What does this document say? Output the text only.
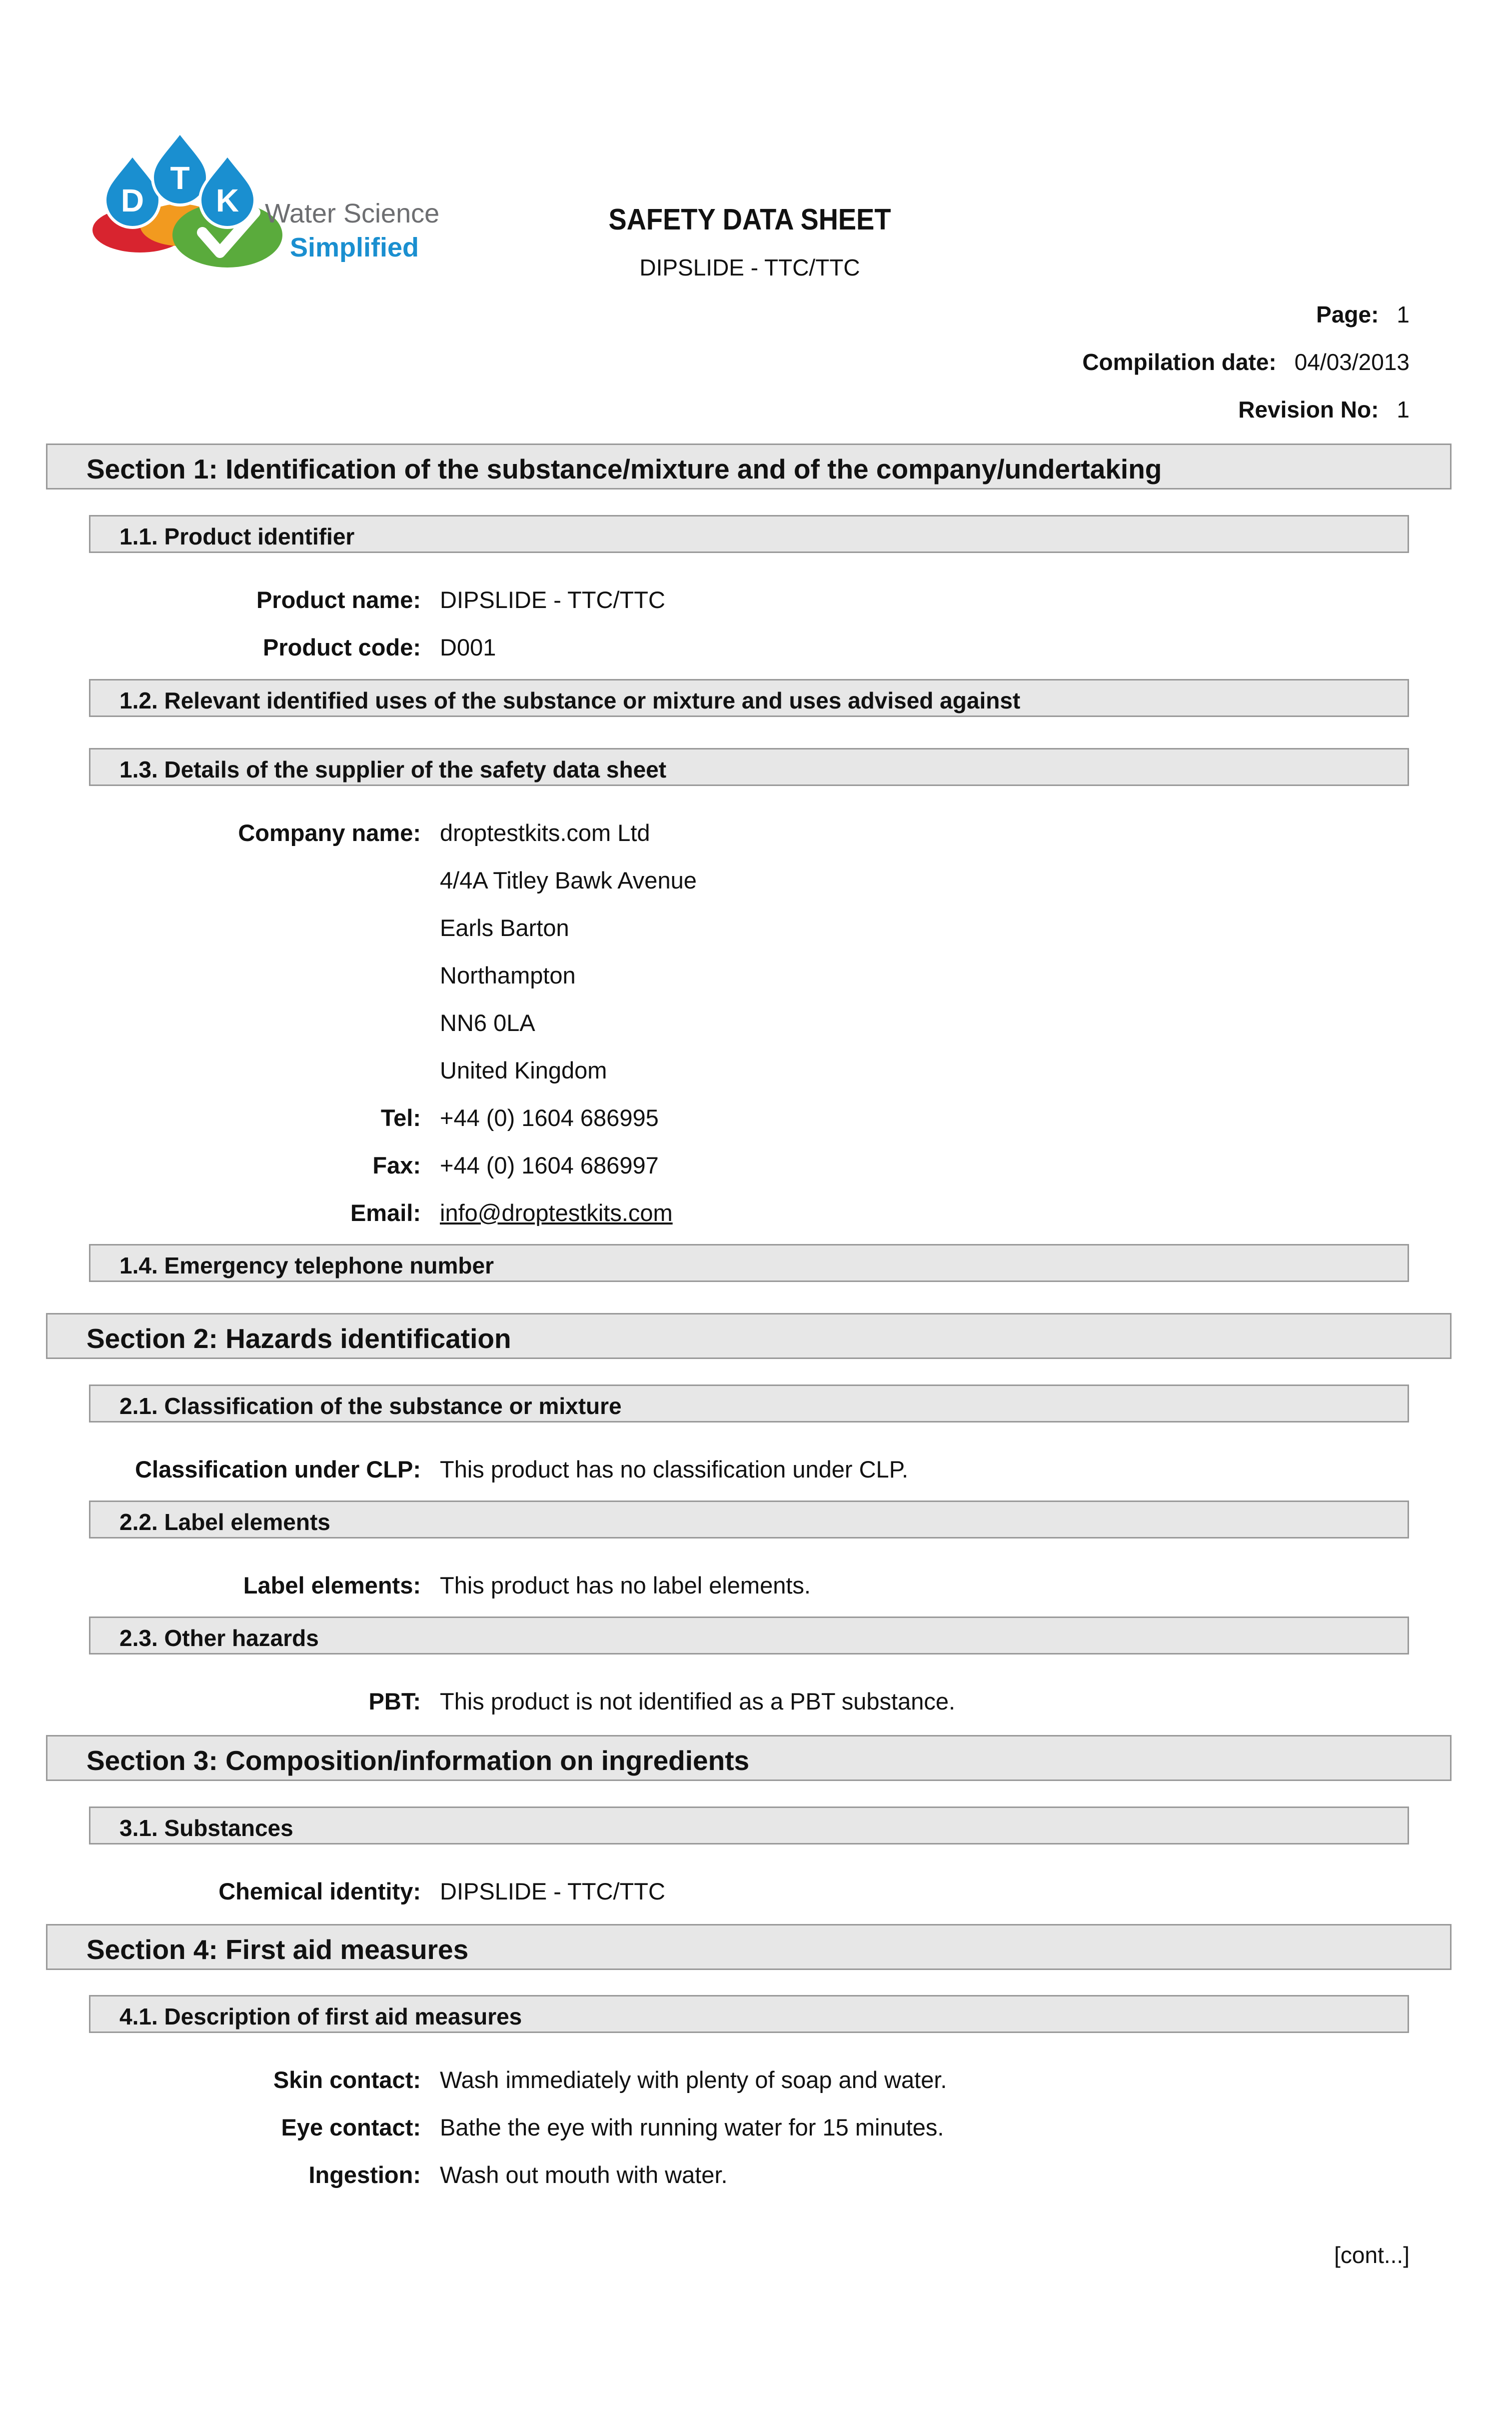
D
T
K Water Science
Simplified
SAFETY DATA SHEET
DIPSLIDE - TTC/TTC
Page: 1
Compilation date: 04/03/2013
Revision No: 1
Section 1: Identification of the substance/mixture and of the company/undertaking
1.1. Product identifier
Product name: DIPSLIDE - TTC/TTC
Product code: D001
1.2. Relevant identified uses of the substance or mixture and uses advised against
1.3. Details of the supplier of the safety data sheet
Company name: droptestkits.com Ltd
4/4A Titley Bawk Avenue
Earls Barton
Northampton
NN6 0LA
United Kingdom
Tel: +44 (0) 1604 686995
Fax: +44 (0) 1604 686997
Email: info@droptestkits.com
1.4. Emergency telephone number
Section 2: Hazards identification
2.1. Classification of the substance or mixture
Classification under CLP: This product has no classification under CLP.
2.2. Label elements
Label elements: This product has no label elements.
2.3. Other hazards
PBT: This product is not identified as a PBT substance.
Section 3: Composition/information on ingredients
3.1. Substances
Chemical identity: DIPSLIDE - TTC/TTC
Section 4: First aid measures
4.1. Description of first aid measures
Skin contact: Wash immediately with plenty of soap and water.
Eye contact: Bathe the eye with running water for 15 minutes.
Ingestion: Wash out mouth with water.
[cont...]
